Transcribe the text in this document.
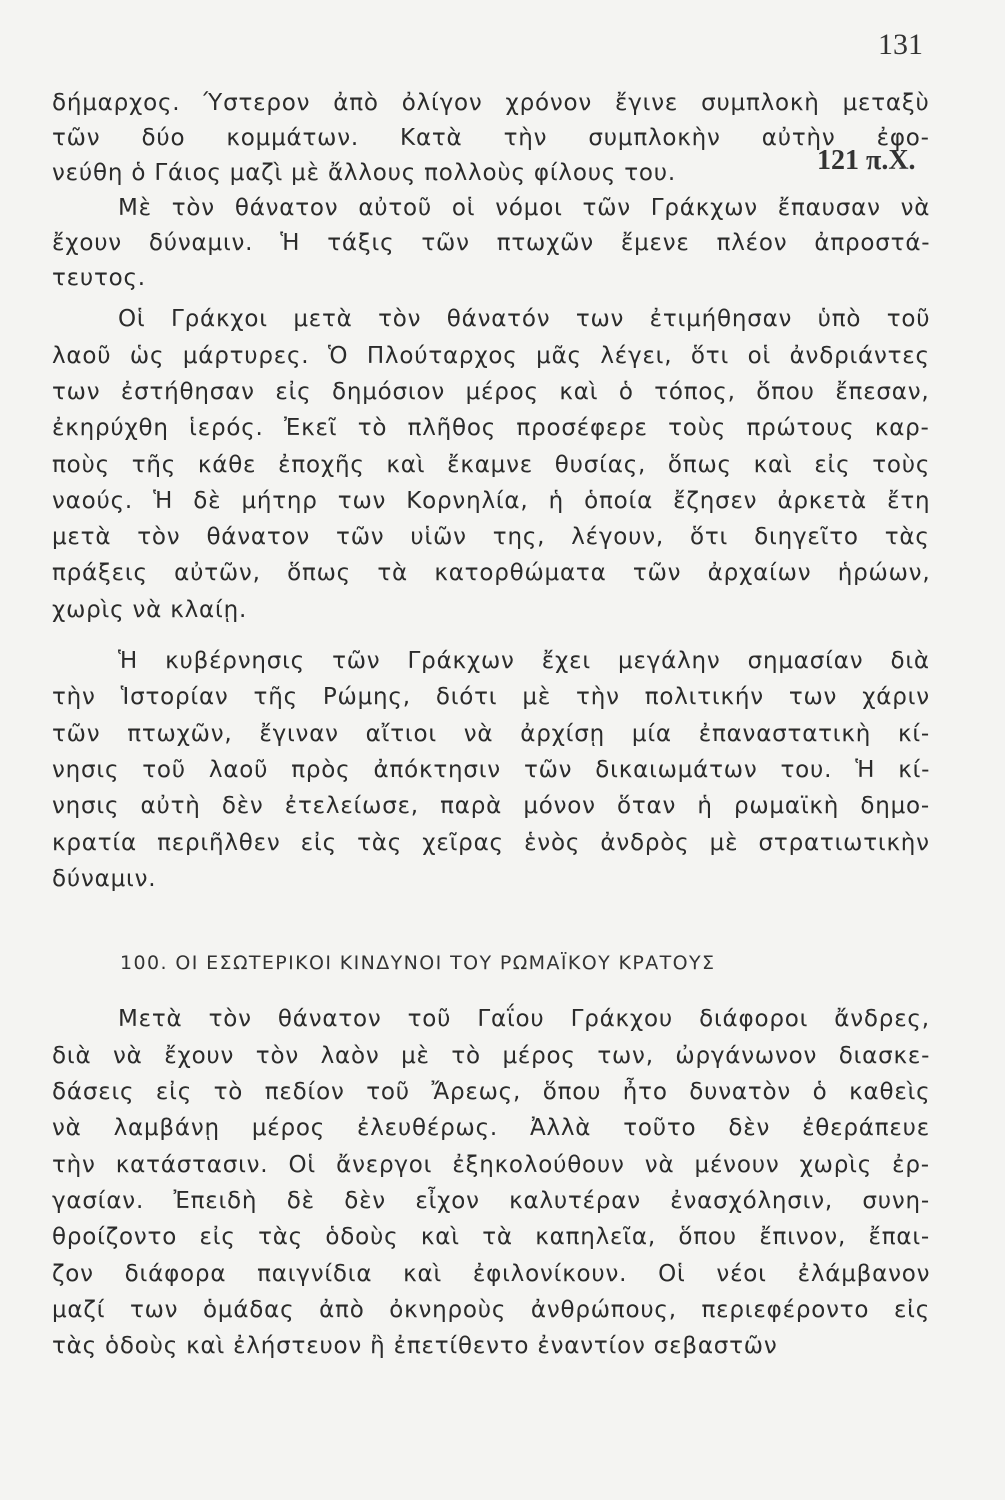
131
121 π.Χ.
δήμαρχος. Ύστερον ἀπὸ ὀλίγον χρόνον ἔγινε συμπλοκὴ μεταξὺ
τῶν δύο κομμάτων. Κατὰ τὴν συμπλοκὴν αὐτὴν ἐφο-
νεύθη ὁ Γάιος μαζὶ μὲ ἄλλους πολλοὺς φίλους του.
Μὲ τὸν θάνατον αὐτοῦ οἱ νόμοι τῶν Γράκχων ἔπαυσαν νὰ
ἔχουν δύναμιν. Ἡ τάξις τῶν πτωχῶν ἔμενε πλέον ἀπροστά-
τευτος.
Οἱ Γράκχοι μετὰ τὸν θάνατόν των ἐτιμήθησαν ὑπὸ τοῦ
λαοῦ ὡς μάρτυρες. Ὁ Πλούταρχος μᾶς λέγει, ὅτι οἱ ἀνδριάντες
των ἐστήθησαν εἰς δημόσιον μέρος καὶ ὁ τόπος, ὅπου ἔπεσαν,
ἐκηρύχθη ἱερός. Ἐκεῖ τὸ πλῆθος προσέφερε τοὺς πρώτους καρ-
ποὺς τῆς κάθε ἐποχῆς καὶ ἔκαμνε θυσίας, ὅπως καὶ εἰς τοὺς
ναούς. Ἡ δὲ μήτηρ των Κορνηλία, ἡ ὁποία ἔζησεν ἀρκετὰ ἔτη
μετὰ τὸν θάνατον τῶν υἱῶν της, λέγουν, ὅτι διηγεῖτο τὰς
πράξεις αὐτῶν, ὅπως τὰ κατορθώματα τῶν ἀρχαίων ἡρώων,
χωρὶς νὰ κλαίῃ.
Ἡ κυβέρνησις τῶν Γράκχων ἔχει μεγάλην σημασίαν διὰ
τὴν Ἱστορίαν τῆς Ρώμης, διότι μὲ τὴν πολιτικήν των χάριν
τῶν πτωχῶν, ἔγιναν αἴτιοι νὰ ἀρχίσῃ μία ἐπαναστατικὴ κί-
νησις τοῦ λαοῦ πρὸς ἀπόκτησιν τῶν δικαιωμάτων του. Ἡ κί-
νησις αὐτὴ δὲν ἐτελείωσε, παρὰ μόνον ὅταν ἡ ρωμαϊκὴ δημο-
κρατία περιῆλθεν εἰς τὰς χεῖρας ἑνὸς ἀνδρὸς μὲ στρατιωτικὴν
δύναμιν.
100. ΟΙ ΕΣΩΤΕΡΙΚΟΙ ΚΙΝΔΥΝΟΙ ΤΟΥ ΡΩΜΑΪΚΟΥ ΚΡΑΤΟΥΣ
Μετὰ τὸν θάνατον τοῦ Γαΐου Γράκχου διάφοροι ἄνδρες,
διὰ νὰ ἔχουν τὸν λαὸν μὲ τὸ μέρος των, ὠργάνωνον διασκε-
δάσεις εἰς τὸ πεδίον τοῦ Ἄρεως, ὅπου ἦτο δυνατὸν ὁ καθεὶς
νὰ λαμβάνῃ μέρος ἐλευθέρως. Ἀλλὰ τοῦτο δὲν ἐθεράπευε
τὴν κατάστασιν. Οἱ ἄνεργοι ἐξηκολούθουν νὰ μένουν χωρὶς ἐρ-
γασίαν. Ἐπειδὴ δὲ δὲν εἶχον καλυτέραν ἐνασχόλησιν, συνη-
θροίζοντο εἰς τὰς ὁδοὺς καὶ τὰ καπηλεῖα, ὅπου ἔπινον, ἔπαι-
ζον διάφορα παιγνίδια καὶ ἐφιλονίκουν. Οἱ νέοι ἐλάμβανον
μαζί των ὁμάδας ἀπὸ ὀκνηροὺς ἀνθρώπους, περιεφέροντο εἰς
τὰς ὁδοὺς καὶ ἐλήστευον ἢ ἐπετίθεντο ἐναντίον σεβαστῶν
